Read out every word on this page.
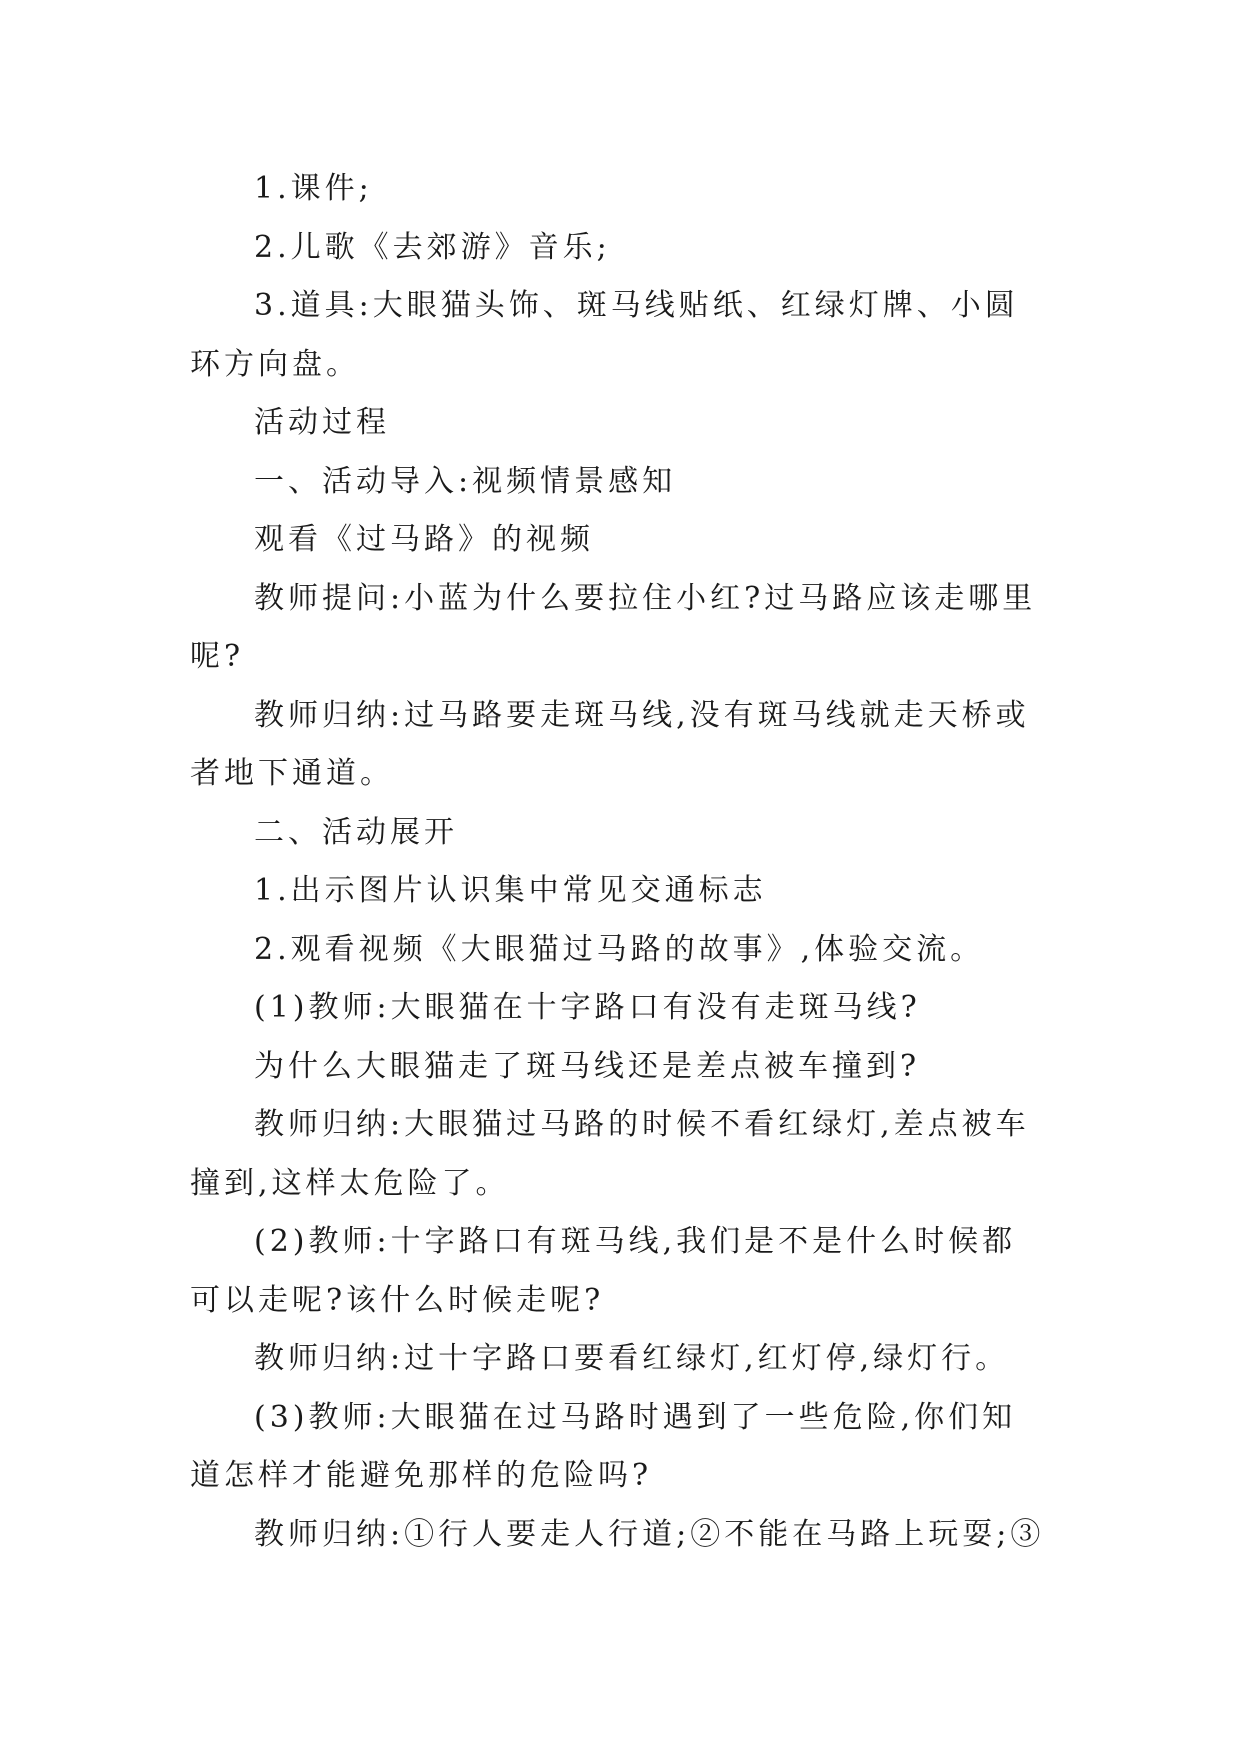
1.课件;

2.儿歌《去郊游》音乐;

3.道具:大眼猫头饰、斑马线贴纸、红绿灯牌、小圆环方向盘。

活动过程

一、活动导入:视频情景感知

观看《过马路》的视频

教师提问:小蓝为什么要拉住小红?过马路应该走哪里呢?

教师归纳:过马路要走斑马线,没有斑马线就走天桥或者地下通道。

二、活动展开

1.出示图片认识集中常见交通标志

2.观看视频《大眼猫过马路的故事》,体验交流。

(1)教师:大眼猫在十字路口有没有走斑马线?

为什么大眼猫走了斑马线还是差点被车撞到?

教师归纳:大眼猫过马路的时候不看红绿灯,差点被车撞到,这样太危险了。

(2)教师:十字路口有斑马线,我们是不是什么时候都可以走呢?该什么时候走呢?

教师归纳:过十字路口要看红绿灯,红灯停,绿灯行。

(3)教师:大眼猫在过马路时遇到了一些危险,你们知道怎样才能避免那样的危险吗?

教师归纳:①行人要走人行道;②不能在马路上玩耍;③
